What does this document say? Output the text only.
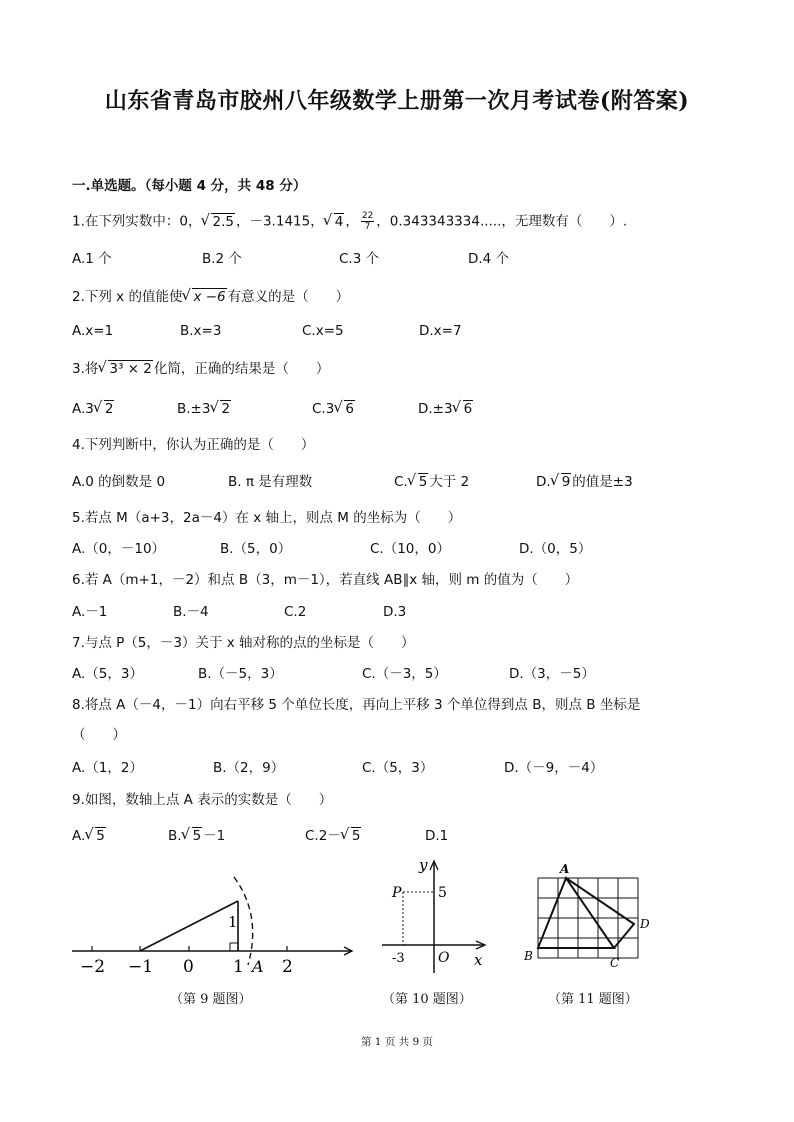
山东省青岛市胶州八年级数学上册第一次月考试卷(附答案)
一.单选题。（每小题 4 分，共 48 分）
1.在下列实数中：0， √ 2.5 ，－3.1415， √ 4 ， $\frac{22}{7}$ ，0.343343334.....，无理数有（　　）.
A.1 个	B.2 个	C.3 个	D.4 个
2.下列 x 的值能使 √ x −6 有意义的是（　　）
A.x=1	B.x=3	C.x=5	D.x=7
3.将 √ 3³ × 2 化简，正确的结果是（　　）
A.3 √ 2	B.±3 √ 2	C.3 √ 6	D.±3 √ 6
4.下列判断中，你认为正确的是（　　）
A.0 的倒数是 0	B. π 是有理数	C. √ 5 大于 2	D. √ 9 的值是±3
5.若点 M（a+3，2a－4）在 x 轴上，则点 M 的坐标为（　　）
A.（0，－10）	B.（5，0）	C.（10，0）	D.（0，5）
6.若 A（m+1，－2）和点 B（3，m－1），若直线 AB∥x 轴，则 m 的值为（　　）
A.－1	B.－4	C.2	D.3
7.与点 P（5，－3）关于 x 轴对称的点的坐标是（　　）
A.（5，3）	B.（－5，3）	C.（－3，5）	D.（3，－5）
8.将点 A（－4，－1）向右平移 5 个单位长度，再向上平移 3 个单位得到点 B，则点 B 坐标是
（　　）
A.（1，2）	B.（2，9）	C.（5，3）	D.（－9，－4）
9.如图，数轴上点 A 表示的实数是（　　）
A. √ 5	B. √ 5 －1	C.2－ √ 5	D.1
1
−2 −1 0 1 2
A
（第 9 题图）
y
x
P	5
-3 O
（第 10 题图）
A
B	C
D
（第 11 题图）
第 1 页 共 9 页
